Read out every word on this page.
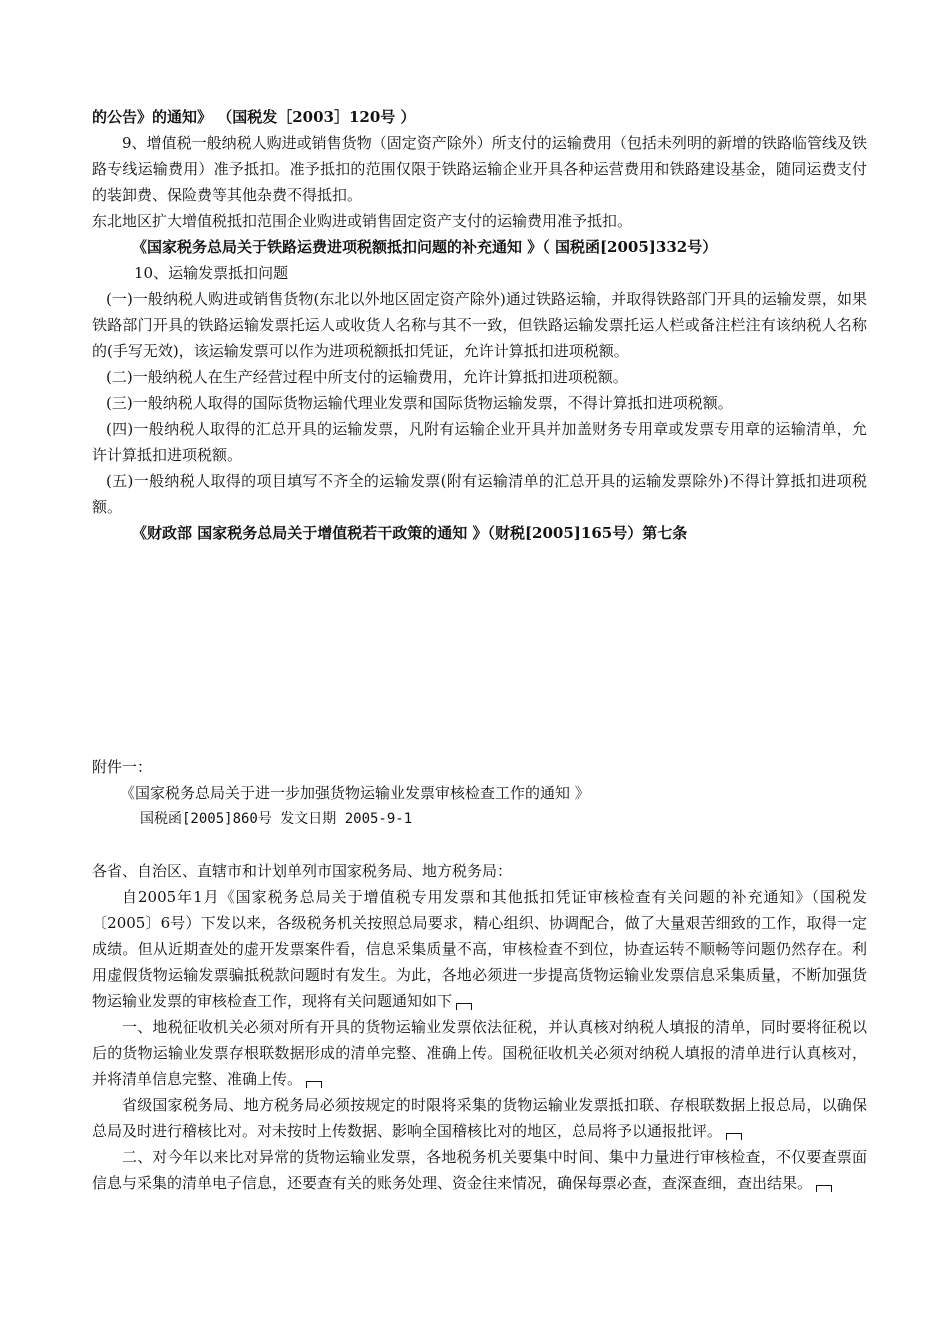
的公告》的通知》 （国税发［2003］120号 ）

9、增值税一般纳税人购进或销售货物（固定资产除外）所支付的运输费用（包括未列明的新增的铁路临管线及铁路专线运输费用）准予抵扣。准予抵扣的范围仅限于铁路运输企业开具各种运营费用和铁路建设基金，随同运费支付的装卸费、保险费等其他杂费不得抵扣。

东北地区扩大增值税抵扣范围企业购进或销售固定资产支付的运输费用准予抵扣。

《国家税务总局关于铁路运费进项税额抵扣问题的补充通知 》（ 国税函[2005]332号）

10、运输发票抵扣问题

(一)一般纳税人购进或销售货物(东北以外地区固定资产除外)通过铁路运输，并取得铁路部门开具的运输发票，如果铁路部门开具的铁路运输发票托运人或收货人名称与其不一致，但铁路运输发票托运人栏或备注栏注有该纳税人名称的(手写无效)，该运输发票可以作为进项税额抵扣凭证，允许计算抵扣进项税额。

(二)一般纳税人在生产经营过程中所支付的运输费用，允许计算抵扣进项税额。

(三)一般纳税人取得的国际货物运输代理业发票和国际货物运输发票，不得计算抵扣进项税额。

(四)一般纳税人取得的汇总开具的运输发票，凡附有运输企业开具并加盖财务专用章或发票专用章的运输清单，允许计算抵扣进项税额。

(五)一般纳税人取得的项目填写不齐全的运输发票(附有运输清单的汇总开具的运输发票除外)不得计算抵扣进项税额。

《财政部 国家税务总局关于增值税若干政策的通知 》（财税[2005]165号）第七条

附件一：

《国家税务总局关于进一步加强货物运输业发票审核检查工作的通知 》

国税函[2005]860号 发文日期 2005-9-1

各省、自治区、直辖市和计划单列市国家税务局、地方税务局：

自2005年1月《国家税务总局关于增值税专用发票和其他抵扣凭证审核检查有关问题的补充通知》（国税发〔2005〕6号）下发以来，各级税务机关按照总局要求，精心组织、协调配合，做了大量艰苦细致的工作，取得一定成绩。但从近期查处的虚开发票案件看，信息采集质量不高，审核检查不到位，协查运转不顺畅等问题仍然存在。利用虚假货物运输发票骗抵税款问题时有发生。为此，各地必须进一步提高货物运输业发票信息采集质量，不断加强货物运输业发票的审核检查工作，现将有关问题通知如下

一、地税征收机关必须对所有开具的货物运输业发票依法征税，并认真核对纳税人填报的清单，同时要将征税以后的货物运输业发票存根联数据形成的清单完整、准确上传。国税征收机关必须对纳税人填报的清单进行认真核对，并将清单信息完整、准确上传。

省级国家税务局、地方税务局必须按规定的时限将采集的货物运输业发票抵扣联、存根联数据上报总局，以确保总局及时进行稽核比对。对未按时上传数据、影响全国稽核比对的地区，总局将予以通报批评。

二、对今年以来比对异常的货物运输业发票，各地税务机关要集中时间、集中力量进行审核检查，不仅要查票面信息与采集的清单电子信息，还要查有关的账务处理、资金往来情况，确保每票必查，查深查细，查出结果。
